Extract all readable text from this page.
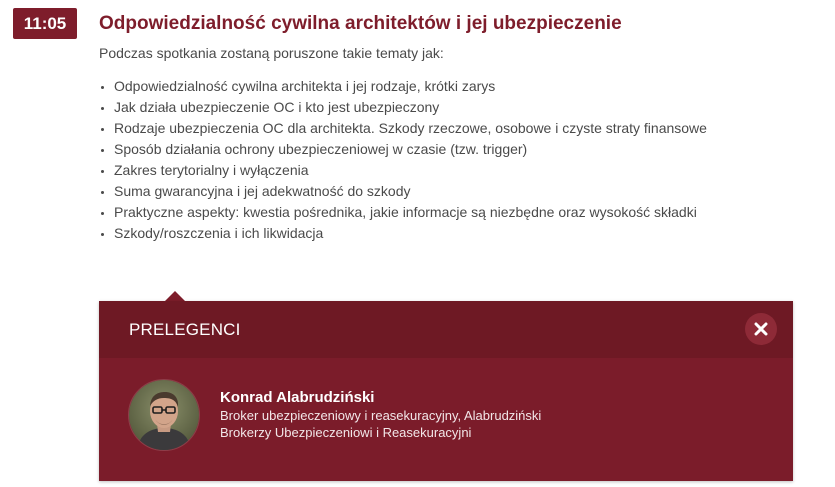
11:05	Odpowiedzialność cywilna architektów i jej ubezpieczenie

Podczas spotkania zostaną poruszone takie tematy jak:

• Odpowiedzialność cywilna architekta i jej rodzaje, krótki zarys
• Jak działa ubezpieczenie OC i kto jest ubezpieczony
• Rodzaje ubezpieczenia OC dla architekta. Szkody rzeczowe, osobowe i czyste straty finansowe
• Sposób działania ochrony ubezpieczeniowej w czasie (tzw. trigger)
• Zakres terytorialny i wyłączenia
• Suma gwarancyjna i jej adekwatność do szkody
• Praktyczne aspekty: kwestia pośrednika, jakie informacje są niezbędne oraz wysokość składki
• Szkody/roszczenia i ich likwidacja
PRELEGENCI
Konrad Alabrudziński
Broker ubezpieczeniowy i reasekuracyjny, Alabrudziński
Brokerzy Ubezpieczeniowi i Reasekuracyjni
